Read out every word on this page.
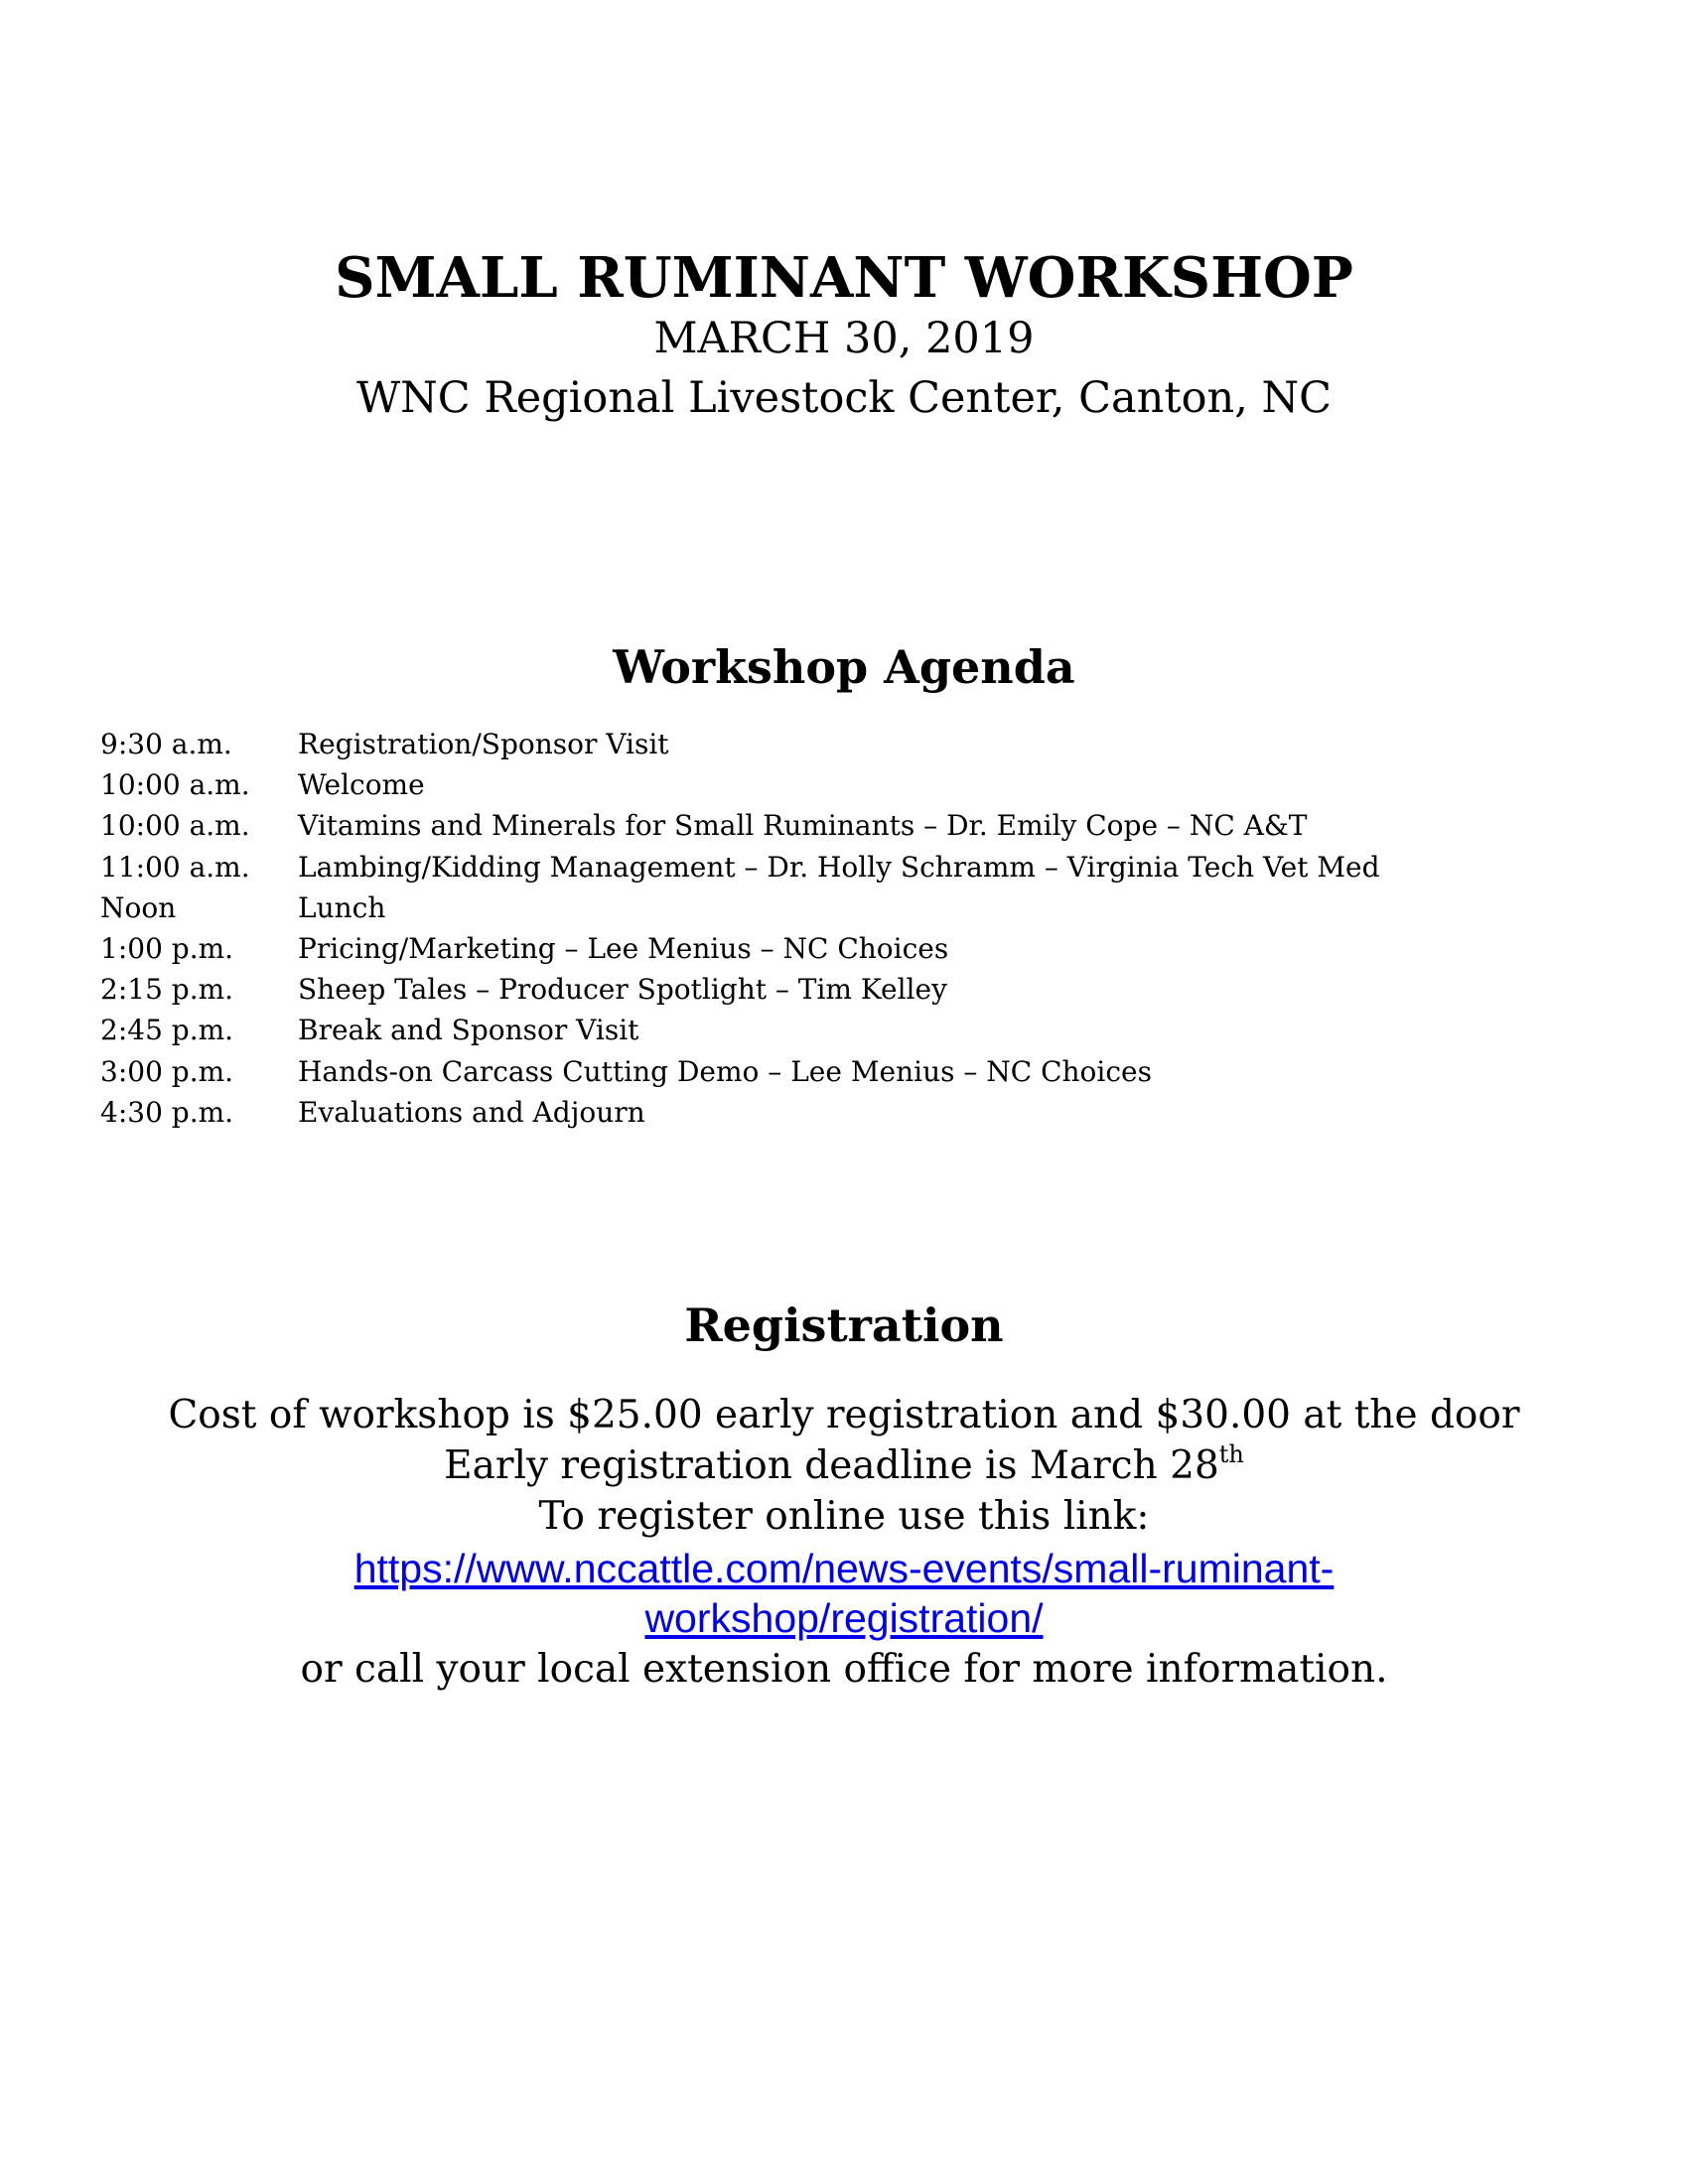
SMALL RUMINANT WORKSHOP
MARCH 30, 2019
WNC Regional Livestock Center, Canton, NC
Workshop Agenda
9:30 a.m. Registration/Sponsor Visit
10:00 a.m. Welcome
10:00 a.m. Vitamins and Minerals for Small Ruminants – Dr. Emily Cope – NC A&T
11:00 a.m. Lambing/Kidding Management – Dr. Holly Schramm – Virginia Tech Vet Med
Noon	Lunch
1:00 p.m. Pricing/Marketing – Lee Menius – NC Choices
2:15 p.m. Sheep Tales – Producer Spotlight – Tim Kelley
2:45 p.m. Break and Sponsor Visit
3:00 p.m. Hands-on Carcass Cutting Demo – Lee Menius – NC Choices
4:30 p.m. Evaluations and Adjourn
Registration
Cost of workshop is $25.00 early registration and $30.00 at the door
Early registration deadline is March 28th
To register online use this link:
https://www.nccattle.com/news-events/small-ruminant-
workshop/registration/
or call your local extension office for more information.
